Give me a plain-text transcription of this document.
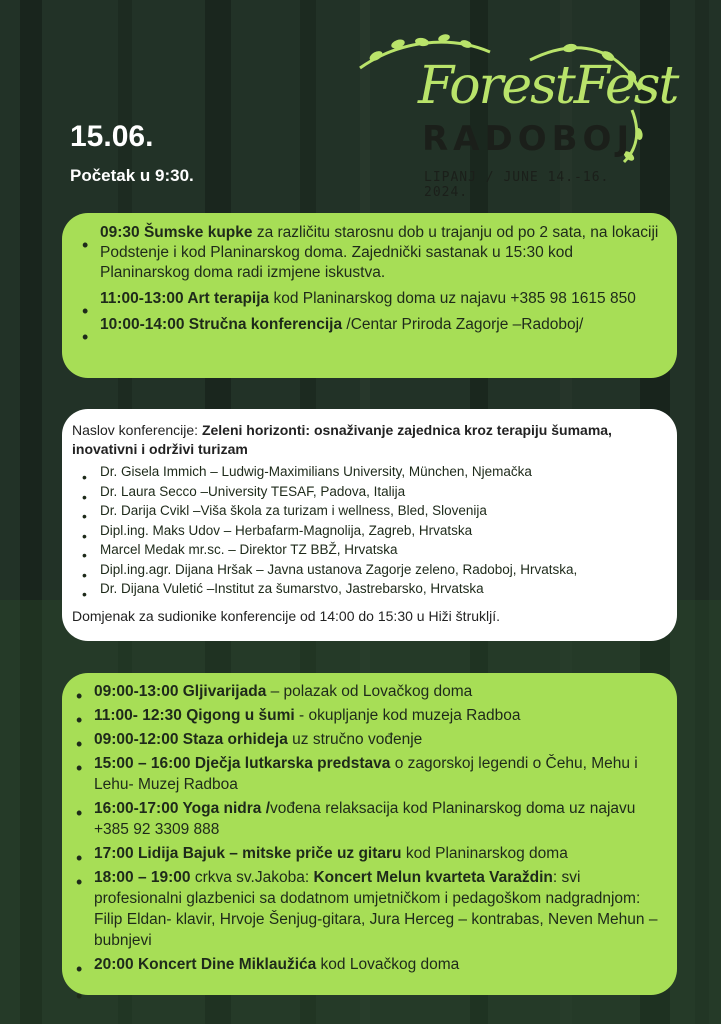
ForestFest
RADOBOJ
LIPANJ / JUNE 14.-16. 2024.
15.06.
Početak u 9:30.
• 09:30 Šumske kupke za različitu starosnu dob u trajanju od po 2 sata, na lokaciji Podstenje i kod Planinarskog doma. Zajednički sastanak u 15:30 kod Planinarskog doma radi izmjene iskustva.
• 11:00-13:00 Art terapija kod Planinarskog doma uz najavu +385 98 1615 850
• 10:00-14:00 Stručna konferencija /Centar Priroda Zagorje –Radoboj/
Naslov konferencije: Zeleni horizonti: osnaživanje zajednica kroz terapiju šumama, inovativni i održivi turizam
• Dr. Gisela Immich – Ludwig-Maximilians University, München, Njemačka
• Dr. Laura Secco –University TESAF, Padova, Italija
• Dr. Darija Cvikl –Viša škola za turizam i wellness, Bled, Slovenija
• Dipl.ing. Maks Udov – Herbafarm-Magnolija, Zagreb, Hrvatska
• Marcel Medak mr.sc. – Direktor TZ BBŽ, Hrvatska
• Dipl.ing.agr. Dijana Hršak – Javna ustanova Zagorje zeleno, Radoboj, Hrvatska,
• Dr. Dijana Vuletić –Institut za šumarstvo, Jastrebarsko, Hrvatska
Domjenak za sudionike konferencije od 14:00 do 15:30 u Hiži štrukljí.
• 09:00-13:00 Gljivarijada – polazak od Lovačkog doma
• 11:00- 12:30 Qigong u šumi - okupljanje kod muzeja Radboa
• 09:00-12:00 Staza orhideja uz stručno vođenje
• 15:00 – 16:00 Dječja lutkarska predstava o zagorskoj legendi o Čehu, Mehu i Lehu- Muzej Radboa
• 16:00-17:00 Yoga nidra /vođena relaksacija kod Planinarskog doma uz najavu +385 92 3309 888
• 17:00 Lidija Bajuk – mitske priče uz gitaru kod Planinarskog doma
• 18:00 – 19:00 crkva sv.Jakoba: Koncert Melun kvarteta Varaždin: svi profesionalni glazbenici sa dodatnom umjetničkom i pedagoškom nadgradnjom: Filip Eldan- klavir, Hrvoje Šenjug-gitara, Jura Herceg – kontrabas, Neven Mehun – bubnjevi
• 20:00 Koncert Dine Miklaužića kod Lovačkog doma
•
